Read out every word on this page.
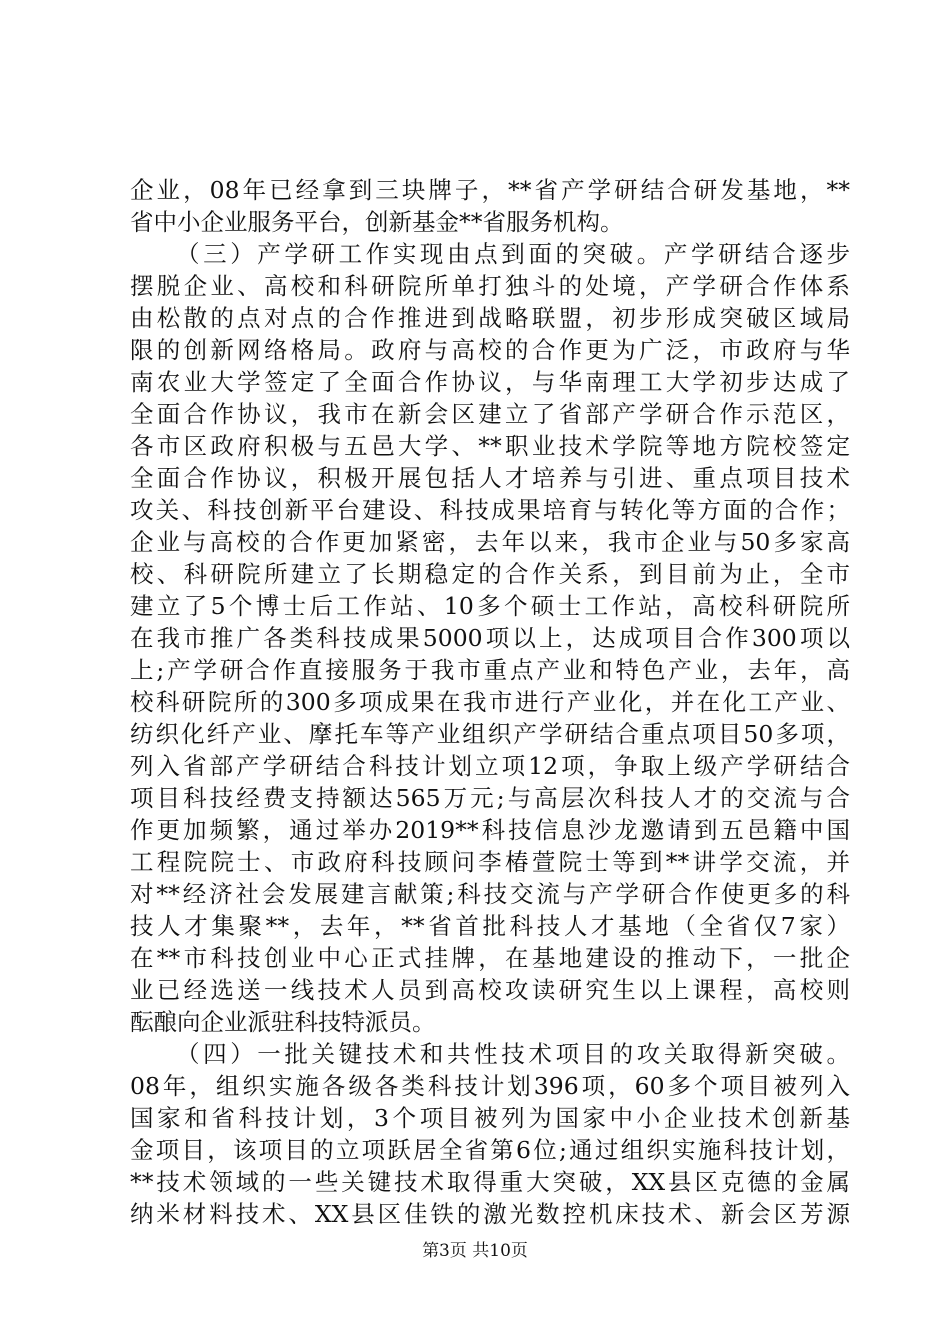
企业，08年已经拿到三块牌子，**省产学研结合研发基地，**
省中小企业服务平台，创新基金**省服务机构。
（三）产学研工作实现由点到面的突破。产学研结合逐步
摆脱企业、高校和科研院所单打独斗的处境，产学研合作体系
由松散的点对点的合作推进到战略联盟，初步形成突破区域局
限的创新网络格局。政府与高校的合作更为广泛，市政府与华
南农业大学签定了全面合作协议，与华南理工大学初步达成了
全面合作协议，我市在新会区建立了省部产学研合作示范区，
各市区政府积极与五邑大学、**职业技术学院等地方院校签定
全面合作协议，积极开展包括人才培养与引进、重点项目技术
攻关、科技创新平台建设、科技成果培育与转化等方面的合作；
企业与高校的合作更加紧密，去年以来，我市企业与50多家高
校、科研院所建立了长期稳定的合作关系，到目前为止，全市
建立了5个博士后工作站、10多个硕士工作站，高校科研院所
在我市推广各类科技成果5000项以上，达成项目合作300项以
上;产学研合作直接服务于我市重点产业和特色产业，去年，高
校科研院所的300多项成果在我市进行产业化，并在化工产业、
纺织化纤产业、摩托车等产业组织产学研结合重点项目50多项，
列入省部产学研结合科技计划立项12项，争取上级产学研结合
项目科技经费支持额达565万元;与高层次科技人才的交流与合
作更加频繁，通过举办2019**科技信息沙龙邀请到五邑籍中国
工程院院士、市政府科技顾问李椿萱院士等到**讲学交流，并
对**经济社会发展建言献策;科技交流与产学研合作使更多的科
技人才集聚**，去年，**省首批科技人才基地（全省仅7家）
在**市科技创业中心正式挂牌，在基地建设的推动下，一批企
业已经选送一线技术人员到高校攻读研究生以上课程，高校则
酝酿向企业派驻科技特派员。
（四）一批关键技术和共性技术项目的攻关取得新突破。
08年，组织实施各级各类科技计划396项，60多个项目被列入
国家和省科技计划，3个项目被列为国家中小企业技术创新基
金项目，该项目的立项跃居全省第6位;通过组织实施科技计划，
**技术领域的一些关键技术取得重大突破，XX县区克德的金属
纳米材料技术、XX县区佳铁的激光数控机床技术、新会区芳源
第3页 共10页
